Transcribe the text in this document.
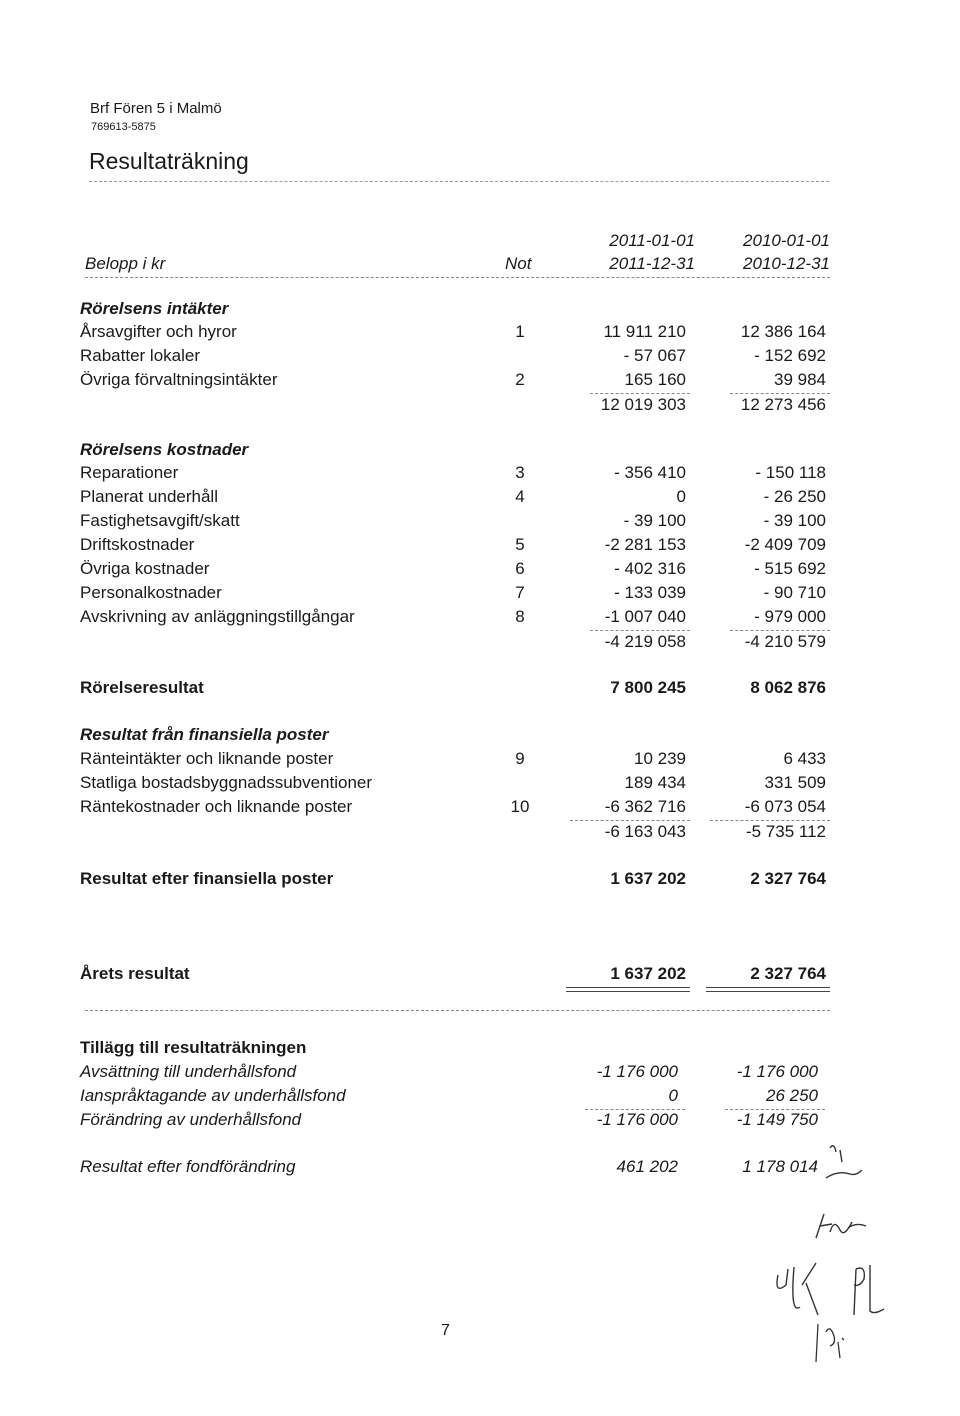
Brf Fören 5 i Malmö
769613-5875
Resultaträkning
2011-01-01	2010-01-01
Belopp i kr	Not	2011-12-31	2010-12-31
Rörelsens intäkter
Årsavgifter och hyror	1	11 911 210	12 386 164
Rabatter lokaler	- 57 067	- 152 692
Övriga förvaltningsintäkter	2	165 160	39 984
12 019 303	12 273 456
Rörelsens kostnader
Reparationer	3	- 356 410	- 150 118
Planerat underhåll	4	0	- 26 250
Fastighetsavgift/skatt	- 39 100	- 39 100
Driftskostnader	5	-2 281 153	-2 409 709
Övriga kostnader	6	- 402 316	- 515 692
Personalkostnader	7	- 133 039	- 90 710
Avskrivning av anläggningstillgångar	8	-1 007 040	- 979 000
-4 219 058	-4 210 579
Rörelseresultat	7 800 245	8 062 876
Resultat från finansiella poster
Ränteintäkter och liknande poster	9	10 239	6 433
Statliga bostadsbyggnadssubventioner	189 434	331 509
Räntekostnader och liknande poster	10	-6 362 716	-6 073 054
-6 163 043	-5 735 112
Resultat efter finansiella poster	1 637 202	2 327 764
Årets resultat	1 637 202	2 327 764
Tillägg till resultaträkningen
Avsättning till underhållsfond	-1 176 000	-1 176 000
Ianspråktagande av underhållsfond	0	26 250
Förändring av underhållsfond	-1 176 000	-1 149 750
Resultat efter fondförändring	461 202	1 178 014
7
